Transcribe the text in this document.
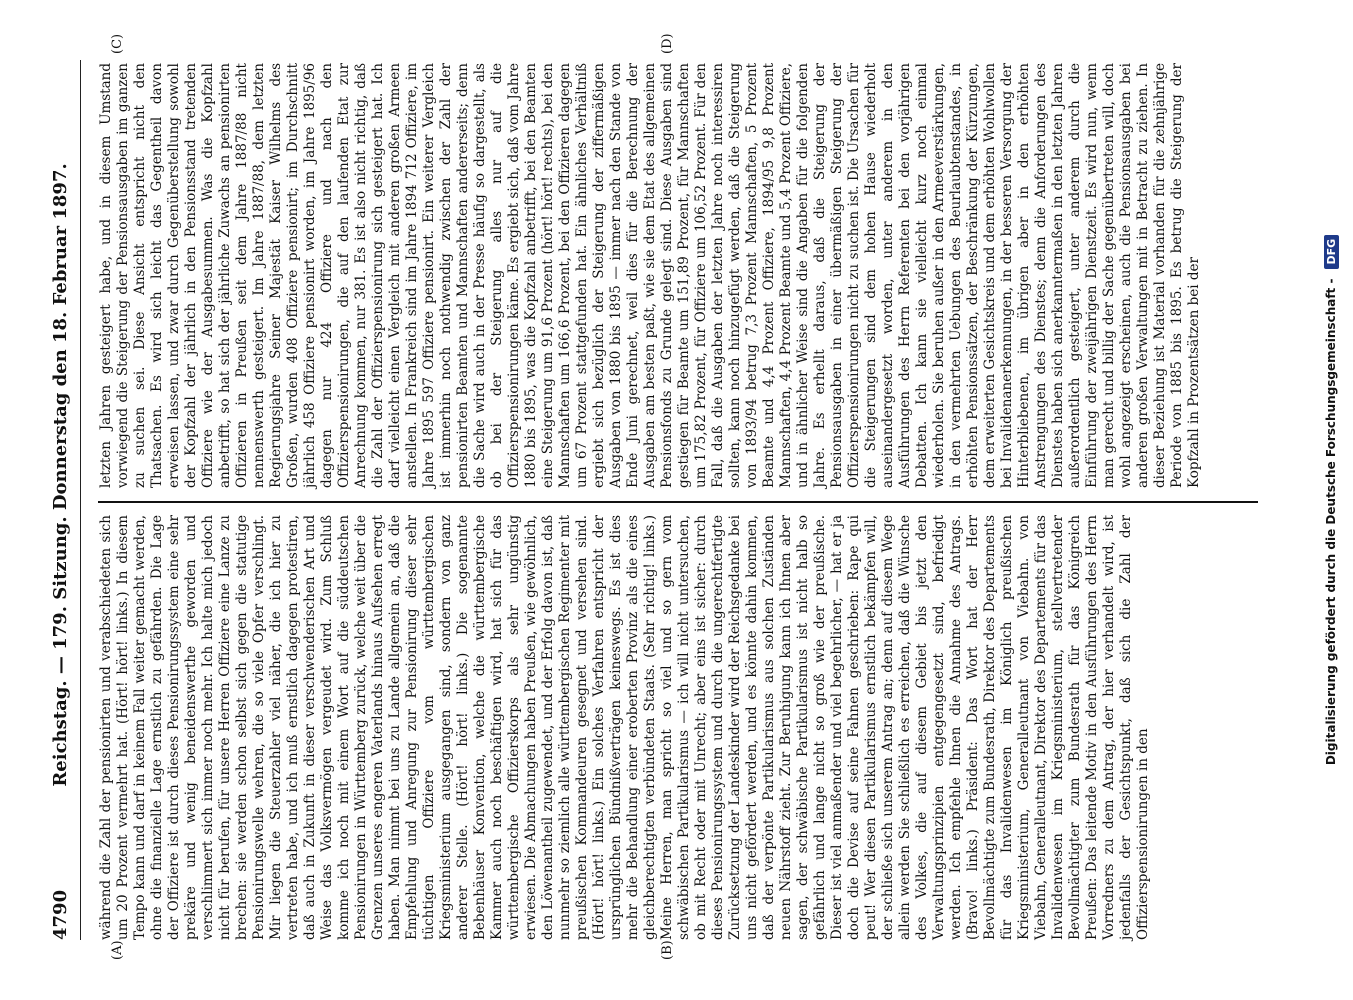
4790
Reichstag. — 179. Sitzung. Donnerstag den 18. Februar 1897.
(A)	(B)
(C)	(D)
während die Zahl der pensionirten und verabschiedeten sich um 20 Prozent vermehrt hat. (Hört! hört! links.) In diesem Tempo kann und darf in keinem Fall weiter gemacht werden, ohne die finanzielle Lage ernstlich zu gefährden. Die Lage der Offiziere ist durch dieses Pensionirungssystem eine sehr prekäre und wenig beneidenswerthe geworden und verschlimmert sich immer noch mehr. Ich halte mich jedoch nicht für berufen, für unsere Herren Offiziere eine Lanze zu brechen: sie werden schon selbst sich gegen die statutige Pensionirungswelle wehren, die so viele Opfer verschlingt. Mir liegen die Steuerzahler viel näher, die ich hier zu vertreten habe, und ich muß ernstlich dagegen protestiren, daß auch in Zukunft in dieser verschwenderischen Art und Weise das Volksvermögen vergeudet wird. Zum Schluß komme ich noch mit einem Wort auf die süddeutschen Pensionirungen in Württemberg zurück, welche weit über die Grenzen unseres engeren Vaterlands hinaus Aufsehen erregt haben. Man nimmt bei uns zu Lande allgemein an, daß die Empfehlung und Anregung zur Pensionirung dieser sehr tüchtigen Offiziere vom württembergischen Kriegsministerium ausgegangen sind, sondern von ganz anderer Stelle. (Hört! hört! links.) Die sogenannte Bebenhäuser Konvention, welche die württembergische Kammer auch noch beschäftigen wird, hat sich für das württembergische Offizierskorps als sehr ungünstig erwiesen. Die Abmachungen haben Preußen, wie gewöhnlich, den Löwenantheil zugewendet, und der Erfolg davon ist, daß nunmehr so ziemlich alle württembergischen Regimenter mit preußischen Kommandeuren gesegnet und versehen sind. (Hört! hört! links.) Ein solches Verfahren entspricht der ursprünglichen Bündnißverträgen keineswegs. Es ist dies mehr die Behandlung einer eroberten Provinz als die eines gleichberechtigten verbündeten Staats. (Sehr richtig! links.) Meine Herren, man spricht so viel und so gern vom schwäbischen Partikularismus — ich will nicht untersuchen, ob mit Recht oder mit Unrecht; aber eins ist sicher: durch dieses Pensionirungssystem und durch die ungerechtfertigte Zurücksetzung der Landeskinder wird der Reichsgedanke bei uns nicht gefördert werden, und es könnte dahin kommen, daß der verpönte Partikularismus aus solchen Zuständen neuen Nährstoff zieht. Zur Beruhigung kann ich Ihnen aber sagen, der schwäbische Partikularismus ist nicht halb so gefährlich und lange nicht so groß wie der preußische. Dieser ist viel anmaßender und viel begehrlicher, — hat er ja doch die Devise auf seine Fahnen geschrieben: Rape qui peut! Wer diesen Partikularismus ernstlich bekämpfen will, der schließe sich unserem Antrag an; denn auf diesem Wege allein werden Sie schließlich es erreichen, daß die Wünsche des Volkes, die auf diesem Gebiet bis jetzt den Verwaltungsprinzipien entgegengesetzt sind, befriedigt werden. Ich empfehle Ihnen die Annahme des Antrags. (Bravo! links.) Präsident: Das Wort hat der Herr Bevollmächtigte zum Bundesrath, Direktor des Departements für das Invalidenwesen im Königlich preußischen Kriegsministerium, Generalleutnant von Viebahn. von Viebahn, Generalleutnant, Direktor des Departements für das Invalidenwesen im Kriegsministerium, stellvertretender Bevollmächtigter zum Bundesrath für das Königreich Preußen: Das leitende Motiv in den Ausführungen des Herrn Vorredners zu dem Antrag, der hier verhandelt wird, ist jedenfalls der Gesichtspunkt, daß sich die Zahl der Offizierspensionirungen in den
letzten Jahren gesteigert habe, und in diesem Umstand vorwiegend die Steigerung der Pensionsausgaben im ganzen zu suchen sei. Diese Ansicht entspricht nicht den Thatsachen. Es wird sich leicht das Gegentheil davon erweisen lassen, und zwar durch Gegenüberstellung sowohl der Kopfzahl der jährlich in den Pensionsstand tretenden Offiziere wie der Ausgabesummen. Was die Kopfzahl anbetrifft, so hat sich der jährliche Zuwachs an pensionirten Offizieren in Preußen seit dem Jahre 1887/88 nicht nennenswerth gesteigert. Im Jahre 1887/88, dem letzten Regierungsjahre Seiner Majestät Kaiser Wilhelms des Großen, wurden 408 Offiziere pensionirt; im Durchschnitt jährlich 458 Offiziere pensionirt worden, im Jahre 1895/96 dagegen nur 424 Offiziere und nach den Offizierspensionirungen, die auf den laufenden Etat zur Anrechnung kommen, nur 381. Es ist also nicht richtig, daß die Zahl der Offizierspensionirung sich gesteigert hat. Ich darf vielleicht einen Vergleich mit anderen großen Armeen anstellen. In Frankreich sind im Jahre 1894 712 Offiziere, im Jahre 1895 597 Offiziere pensionirt. Ein weiterer Vergleich ist immerhin noch nothwendig zwischen der Zahl der pensionirten Beamten und Mannschaften andererseits; denn die Sache wird auch in der Presse häufig so dargestellt, als ob bei der Steigerung alles nur auf die Offizierspensionirungen käme. Es ergiebt sich, daß vom Jahre 1880 bis 1895, was die Kopfzahl anbetrifft, bei den Beamten eine Steigerung um 91,6 Prozent (hört! hört! rechts), bei den Mannschaften um 166,6 Prozent, bei den Offizieren dagegen um 67 Prozent stattgefunden hat. Ein ähnliches Verhältniß ergiebt sich bezüglich der Steigerung der ziffermäßigen Ausgaben von 1880 bis 1895 — immer nach den Stande von Ende Juni gerechnet, weil dies für die Berechnung der Ausgaben am besten paßt, wie sie dem Etat des allgemeinen Pensionsfonds zu Grunde gelegt sind. Diese Ausgaben sind gestiegen für Beamte um 151,89 Prozent, für Mannschaften um 175,82 Prozent, für Offiziere um 106,52 Prozent. Für den Fall, daß die Ausgaben der letzten Jahre noch interessiren sollten, kann noch hinzugefügt werden, daß die Steigerung von 1893/94 betrug 7,3 Prozent Mannschaften, 5 Prozent Beamte und 4,4 Prozent Offiziere, 1894/95 9,8 Prozent Mannschaften, 4,4 Prozent Beamte und 5,4 Prozent Offiziere, und in ähnlicher Weise sind die Angaben für die folgenden Jahre. Es erhellt daraus, daß die Steigerung der Pensionsausgaben in einer übermäßigen Steigerung der Offizierspensionirungen nicht zu suchen ist. Die Ursachen für die Steigerungen sind dem hohen Hause wiederholt auseinandergesetzt worden, unter anderem in den Ausführungen des Herrn Referenten bei den vorjährigen Debatten. Ich kann sie vielleicht kurz noch einmal wiederholen. Sie beruhen außer in den Armeeverstärkungen, in den vermehrten Uebungen des Beurlaubtenstandes, in erhöhten Pensionssätzen, der Beschränkung der Kürzungen, dem erweiterten Gesichtskreis und dem erhöhten Wohlwollen bei Invalidenanerkennungen, in der besseren Versorgung der Hinterbliebenen, im übrigen aber in den erhöhten Anstrengungen des Dienstes; denn die Anforderungen des Dienstes haben sich anerkanntermaßen in den letzten Jahren außerordentlich gesteigert, unter anderem durch die Einführung der zweijährigen Dienstzeit. Es wird nun, wenn man gerecht und billig der Sache gegenübertreten will, doch wohl angezeigt erscheinen, auch die Pensionsausgaben bei anderen großen Verwaltungen mit in Betracht zu ziehen. In dieser Beziehung ist Material vorhanden für die zehnjährige Periode von 1885 bis 1895. Es betrug die Steigerung der Kopfzahl in Prozentsätzen bei der	Digitalisierung gefördert durch die Deutsche Forschungsgemeinschaft -
DFG
